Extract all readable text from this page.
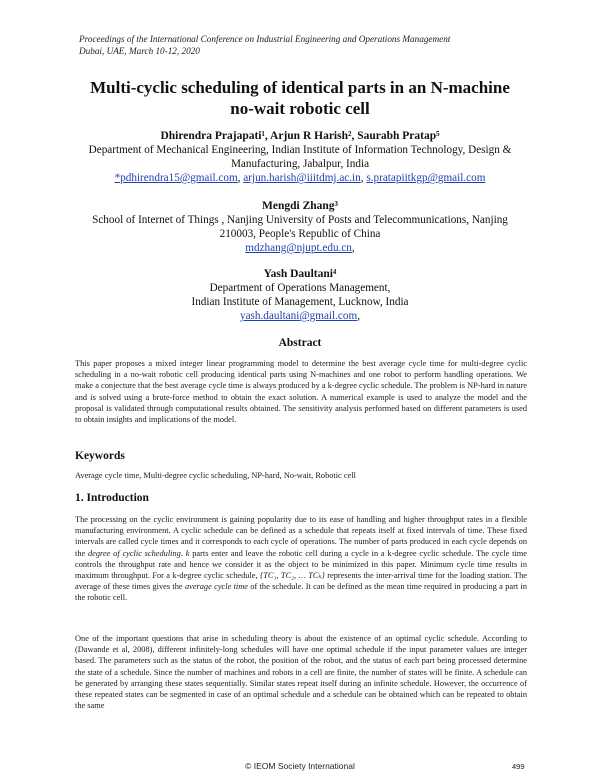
Proceedings of the International Conference on Industrial Engineering and Operations Management
Dubai, UAE, March 10-12, 2020
Multi-cyclic scheduling of identical parts in an N-machine
no-wait robotic cell
Dhirendra Prajapati¹, Arjun R Harish², Saurabh Pratap⁵
Department of Mechanical Engineering, Indian Institute of Information Technology, Design &
Manufacturing, Jabalpur, India
*pdhirendra15@gmail.com, arjun.harish@iiitdmj.ac.in, s.pratapiitkgp@gmail.com
Mengdi Zhang³
School of Internet of Things , Nanjing University of Posts and Telecommunications, Nanjing
210003, People's Republic of China
mdzhang@njupt.edu.cn,
Yash Daultani⁴
Department of Operations Management,
Indian Institute of Management, Lucknow, India
yash.daultani@gmail.com,
Abstract
This paper proposes a mixed integer linear programming model to determine the best average cycle time for multi-degree cyclic scheduling in a no-wait robotic cell producing identical parts using N-machines and one robot to perform handling operations. We make a conjecture that the best average cycle time is always produced by a k-degree cyclic schedule. The problem is NP-hard in nature and is solved using a brute-force method to obtain the exact solution. A numerical example is used to analyze the model and the proposal is validated through computational results obtained. The sensitivity analysis performed based on different parameters is used to obtain insights and implications of the model.
Keywords
Average cycle time, Multi-degree cyclic scheduling, NP-hard, No-wait, Robotic cell
1. Introduction
The processing on the cyclic environment is gaining popularity due to its ease of handling and higher throughput rates in a flexible manufacturing environment. A cyclic schedule can be defined as a schedule that repeats itself at fixed intervals of time. These fixed intervals are called cycle times and it corresponds to each cycle of operations. The number of parts produced in each cycle depends on the degree of cyclic scheduling. k parts enter and leave the robotic cell during a cycle in a k-degree cyclic schedule. The cycle time controls the throughput rate and hence we consider it as the object to be minimized in this paper. Minimum cycle time results in maximum throughput. For a k-degree cyclic schedule, {TC₁, TC₂, … TCₖ} represents the inter-arrival time for the loading station. The average of these times gives the average cycle time of the schedule. It can be defined as the mean time required in producing a part in the robotic cell.
One of the important questions that arise in scheduling theory is about the existence of an optimal cyclic schedule. According to (Dawande et al, 2008), different infinitely-long schedules will have one optimal schedule if the input parameter values are integer based. The parameters such as the status of the robot, the position of the robot, and the status of each part being processed determine the state of a schedule. Since the number of machines and robots in a cell are finite, the number of states will be finite. A schedule can be generated by arranging these states sequentially. Similar states repeat itself during an infinite schedule. However, the occurrence of these repeated states can be segmented in case of an optimal schedule and a schedule can be obtained which can be repeated to obtain the same
© IEOM Society International	499
